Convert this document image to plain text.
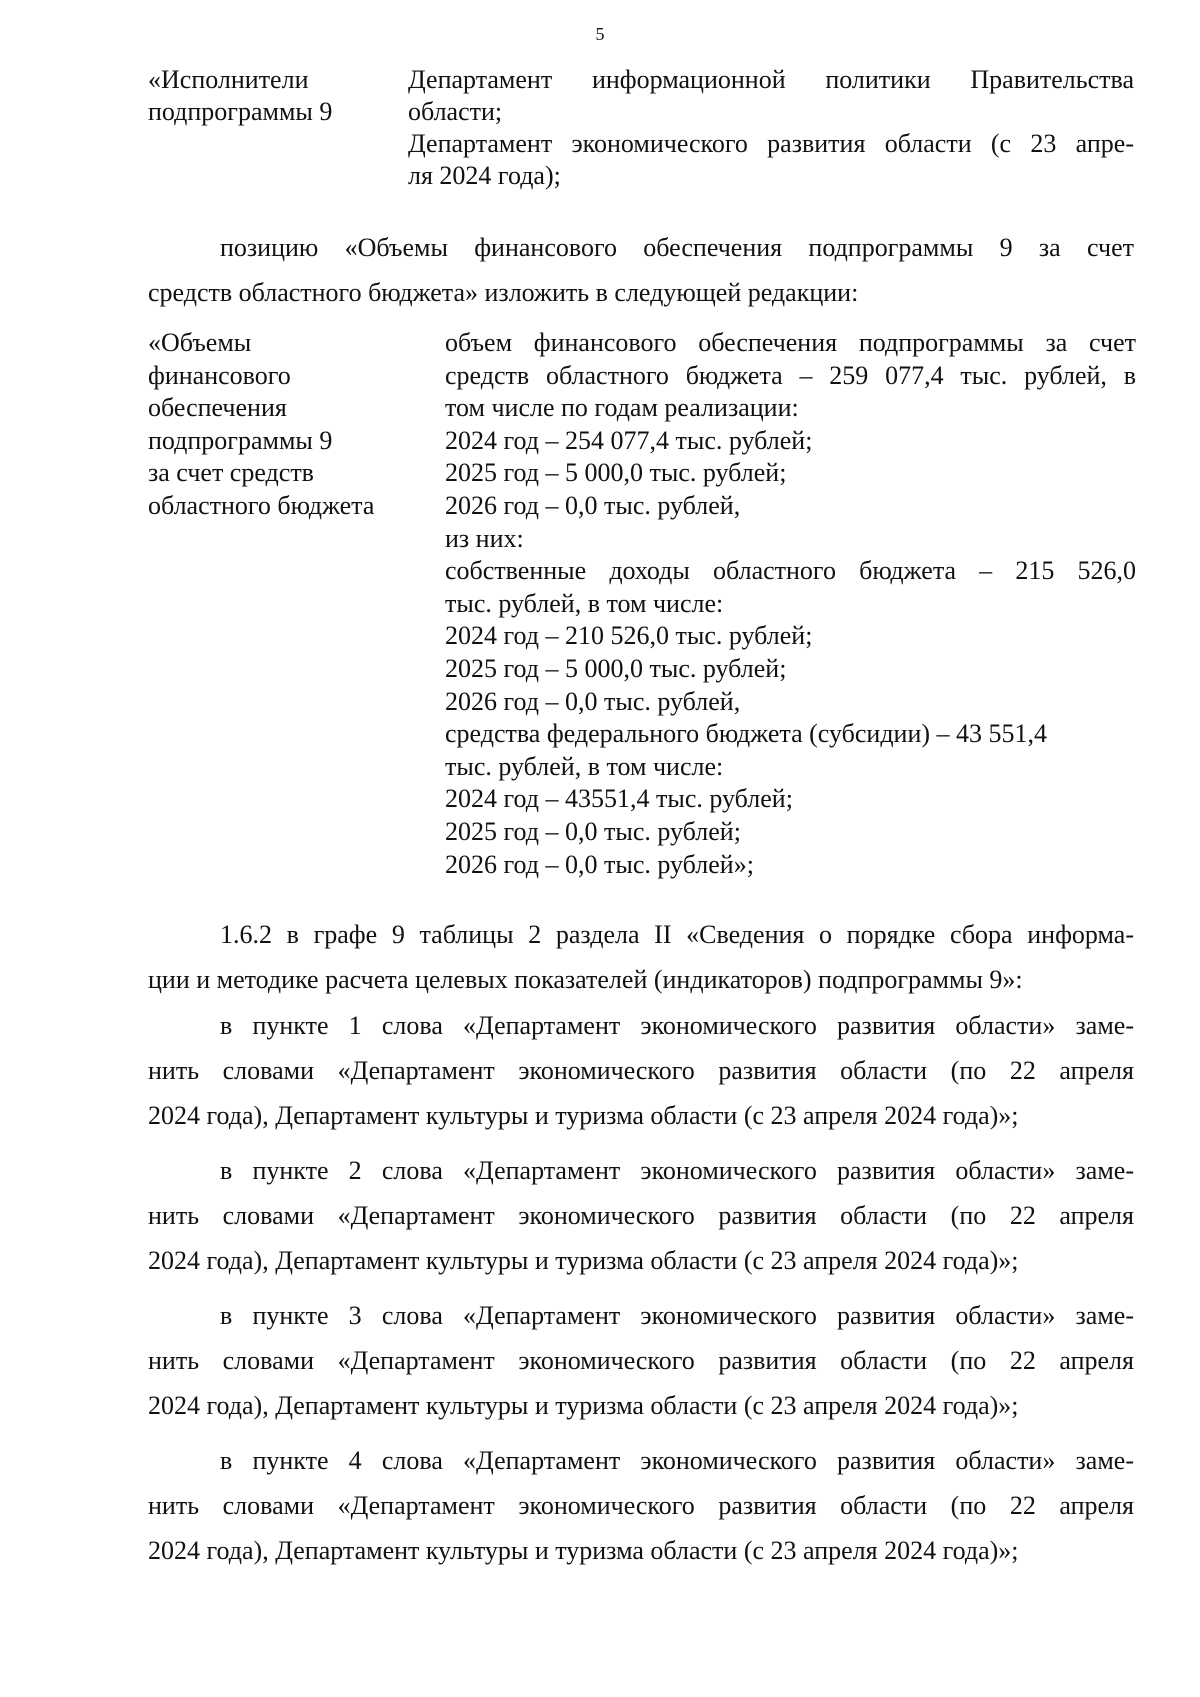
5
«Исполнители
подпрограммы 9
Департамент информационной политики Правительства
области;
Департамент экономического развития области (с 23 апре-
ля 2024 года);
позицию «Объемы финансового обеспечения подпрограммы 9 за счет
средств областного бюджета» изложить в следующей редакции:
«Объемы
финансового
обеспечения
подпрограммы 9
за счет средств
областного бюджета
объем финансового обеспечения подпрограммы за счет
средств областного бюджета – 259 077,4 тыс. рублей, в
том числе по годам реализации:
2024 год – 254 077,4 тыс. рублей;
2025 год – 5 000,0 тыс. рублей;
2026 год – 0,0 тыс. рублей,
из них:
собственные доходы областного бюджета – 215 526,0
тыс. рублей, в том числе:
2024 год – 210 526,0 тыс. рублей;
2025 год – 5 000,0 тыс. рублей;
2026 год – 0,0 тыс. рублей,
средства федерального бюджета (субсидии) – 43 551,4
тыс. рублей, в том числе:
2024 год – 43551,4 тыс. рублей;
2025 год – 0,0 тыс. рублей;
2026 год – 0,0 тыс. рублей»;
1.6.2 в графе 9 таблицы 2 раздела II «Сведения о порядке сбора информа-
ции и методике расчета целевых показателей (индикаторов) подпрограммы 9»:
в пункте 1 слова «Департамент экономического развития области» заме-
нить словами «Департамент экономического развития области (по 22 апреля
2024 года), Департамент культуры и туризма области (с 23 апреля 2024 года)»;
в пункте 2 слова «Департамент экономического развития области» заме-
нить словами «Департамент экономического развития области (по 22 апреля
2024 года), Департамент культуры и туризма области (с 23 апреля 2024 года)»;
в пункте 3 слова «Департамент экономического развития области» заме-
нить словами «Департамент экономического развития области (по 22 апреля
2024 года), Департамент культуры и туризма области (с 23 апреля 2024 года)»;
в пункте 4 слова «Департамент экономического развития области» заме-
нить словами «Департамент экономического развития области (по 22 апреля
2024 года), Департамент культуры и туризма области (с 23 апреля 2024 года)»;
